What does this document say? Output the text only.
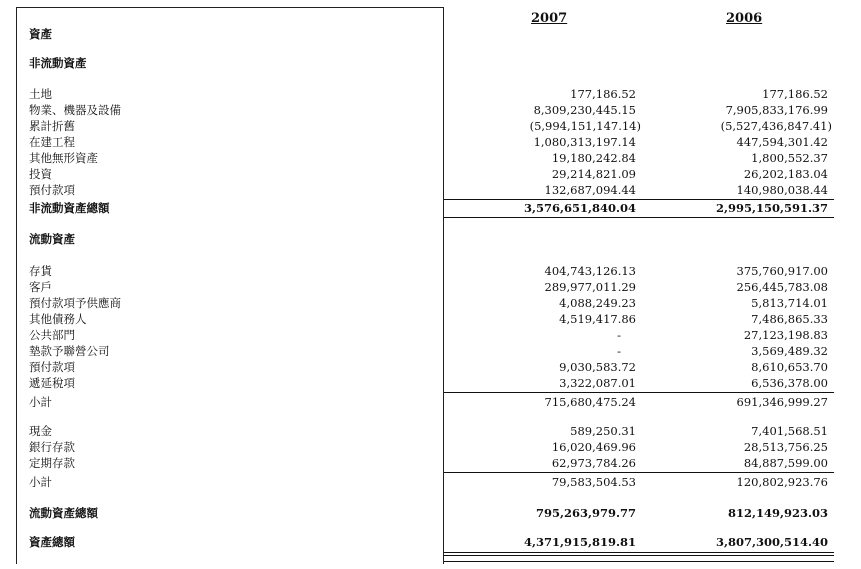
2007	2006
資產
非流動資產
土地	177,186.52	177,186.52
物業、機器及設備	8,309,230,445.15	7,905,833,176.99
累計折舊	(5,994,151,147.14)	(5,527,436,847.41)
在建工程	1,080,313,197.14	447,594,301.42
其他無形資產	19,180,242.84	1,800,552.37
投資	29,214,821.09	26,202,183.04
預付款項	132,687,094.44	140,980,038.44
非流動資產總額	3,576,651,840.04	2,995,150,591.37
流動資產
存貨	404,743,126.13	375,760,917.00
客戶	289,977,011.29	256,445,783.08
預付款項予供應商	4,088,249.23	5,813,714.01
其他債務人	4,519,417.86	7,486,865.33
公共部門	-	27,123,198.83
墊款予聯營公司	-	3,569,489.32
預付款項	9,030,583.72	8,610,653.70
遞延稅項	3,322,087.01	6,536,378.00
小計	715,680,475.24	691,346,999.27
現金	589,250.31	7,401,568.51
銀行存款	16,020,469.96	28,513,756.25
定期存款	62,973,784.26	84,887,599.00
小計	79,583,504.53	120,802,923.76
流動資產總額	795,263,979.77	812,149,923.03
資產總額	4,371,915,819.81	3,807,300,514.40
